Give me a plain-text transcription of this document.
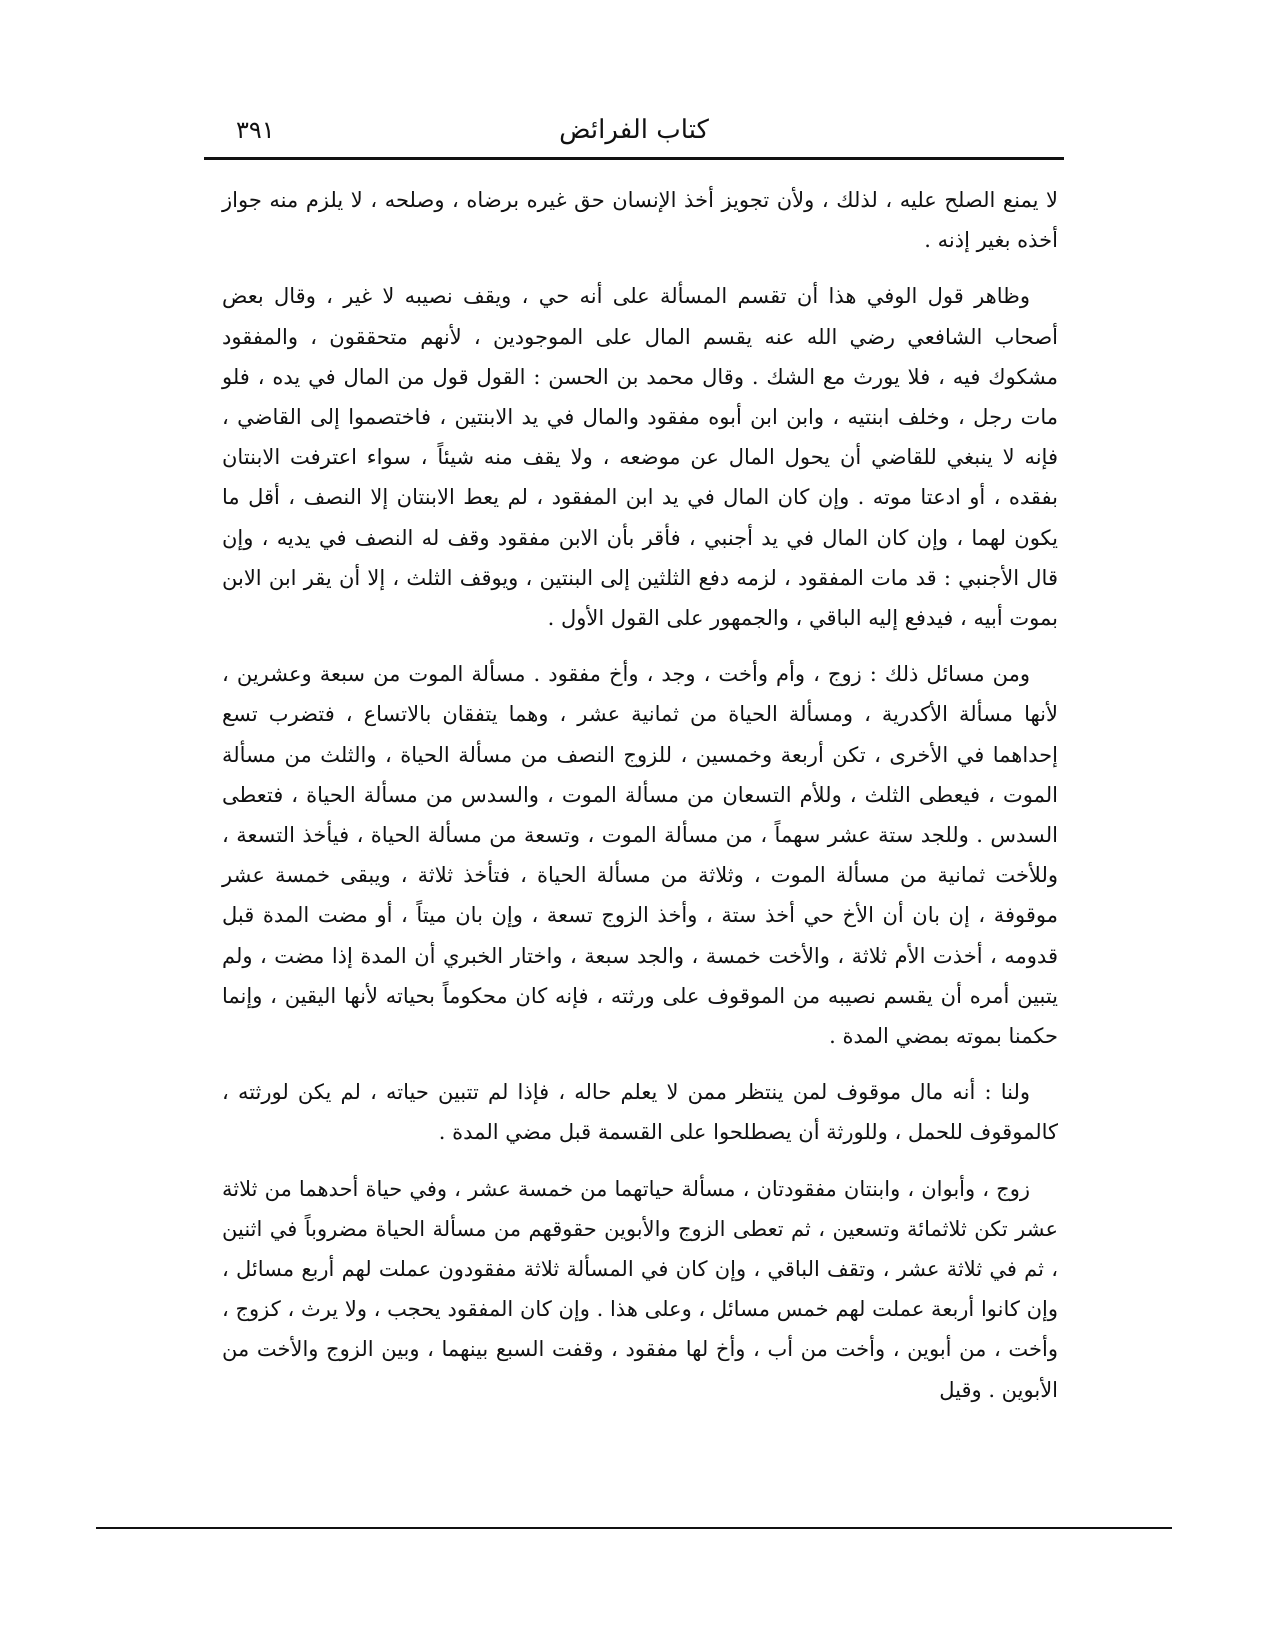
كتاب الفرائض
٣٩١

لا يمنع الصلح عليه ، لذلك ، ولأن تجويز أخذ الإنسان حق غيره برضاه ، وصلحه ، لا يلزم منه جواز أخذه بغير إذنه .

وظاهر قول الوفي هذا أن تقسم المسألة على أنه حي ، ويقف نصيبه لا غير ، وقال بعض أصحاب الشافعي رضي الله عنه يقسم المال على الموجودين ، لأنهم متحققون ، والمفقود مشكوك فيه ، فلا يورث مع الشك . وقال محمد بن الحسن : القول قول من المال في يده ، فلو مات رجل ، وخلف ابنتيه ، وابن ابن أبوه مفقود والمال في يد الابنتين ، فاختصموا إلى القاضي ، فإنه لا ينبغي للقاضي أن يحول المال عن موضعه ، ولا يقف منه شيئاً ، سواء اعترفت الابنتان بفقده ، أو ادعتا موته . وإن كان المال في يد ابن المفقود ، لم يعط الابنتان إلا النصف ، أقل ما يكون لهما ، وإن كان المال في يد أجنبي ، فأقر بأن الابن مفقود وقف له النصف في يديه ، وإن قال الأجنبي : قد مات المفقود ، لزمه دفع الثلثين إلى البنتين ، ويوقف الثلث ، إلا أن يقر ابن الابن بموت أبيه ، فيدفع إليه الباقي ، والجمهور على القول الأول .

ومن مسائل ذلك : زوج ، وأم وأخت ، وجد ، وأخ مفقود . مسألة الموت من سبعة وعشرين ، لأنها مسألة الأكدرية ، ومسألة الحياة من ثمانية عشر ، وهما يتفقان بالاتساع ، فتضرب تسع إحداهما في الأخرى ، تكن أربعة وخمسين ، للزوج النصف من مسألة الحياة ، والثلث من مسألة الموت ، فيعطى الثلث ، وللأم التسعان من مسألة الموت ، والسدس من مسألة الحياة ، فتعطى السدس . وللجد ستة عشر سهماً ، من مسألة الموت ، وتسعة من مسألة الحياة ، فيأخذ التسعة ، وللأخت ثمانية من مسألة الموت ، وثلاثة من مسألة الحياة ، فتأخذ ثلاثة ، ويبقى خمسة عشر موقوفة ، إن بان أن الأخ حي أخذ ستة ، وأخذ الزوج تسعة ، وإن بان ميتاً ، أو مضت المدة قبل قدومه ، أخذت الأم ثلاثة ، والأخت خمسة ، والجد سبعة ، واختار الخبري أن المدة إذا مضت ، ولم يتبين أمره أن يقسم نصيبه من الموقوف على ورثته ، فإنه كان محكوماً بحياته لأنها اليقين ، وإنما حكمنا بموته بمضي المدة .

ولنا : أنه مال موقوف لمن ينتظر ممن لا يعلم حاله ، فإذا لم تتبين حياته ، لم يكن لورثته ، كالموقوف للحمل ، وللورثة أن يصطلحوا على القسمة قبل مضي المدة .

زوج ، وأبوان ، وابنتان مفقودتان ، مسألة حياتهما من خمسة عشر ، وفي حياة أحدهما من ثلاثة عشر تكن ثلاثمائة وتسعين ، ثم تعطى الزوج والأبوين حقوقهم من مسألة الحياة مضروباً في اثنين ، ثم في ثلاثة عشر ، وتقف الباقي ، وإن كان في المسألة ثلاثة مفقودون عملت لهم أربع مسائل ، وإن كانوا أربعة عملت لهم خمس مسائل ، وعلى هذا . وإن كان المفقود يحجب ، ولا يرث ، كزوج ، وأخت ، من أبوين ، وأخت من أب ، وأخ لها مفقود ، وقفت السبع بينهما ، وبين الزوج والأخت من الأبوين . وقيل
